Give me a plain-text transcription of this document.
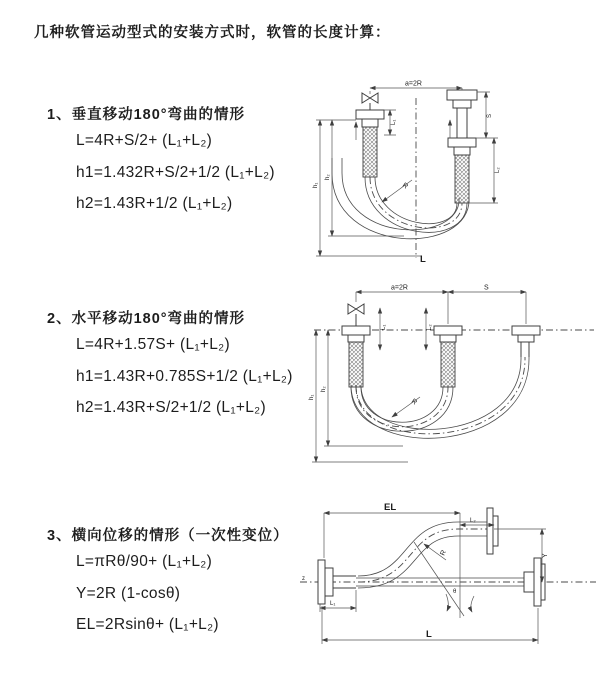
几种软管运动型式的安装方式时，软管的长度计算：
1、垂直移动180°弯曲的情形
L=4R+S/2+ (L₁+L₂)
h1=1.432R+S/2+1/2 (L₁+L₂)
h2=1.43R+1/2 (L₁+L₂)
a=2R
h₁
h₂
L₁
S
L₂
R
L
2、水平移动180°弯曲的情形
L=4R+1.57S+ (L₁+L₂)
h1=1.43R+0.785S+1/2 (L₁+L₂)
h2=1.43R+S/2+1/2 (L₁+L₂)
a=2R	S
h₁
h₂
L₁	L₂
R
3、横向位移的情形（一次性变位）
L=πRθ/90+ (L₁+L₂)
Y=2R (1-cosθ)
EL=2Rsinθ+ (L₁+L₂)
z
EL
L₂
Y
L₁
L
R
θ
